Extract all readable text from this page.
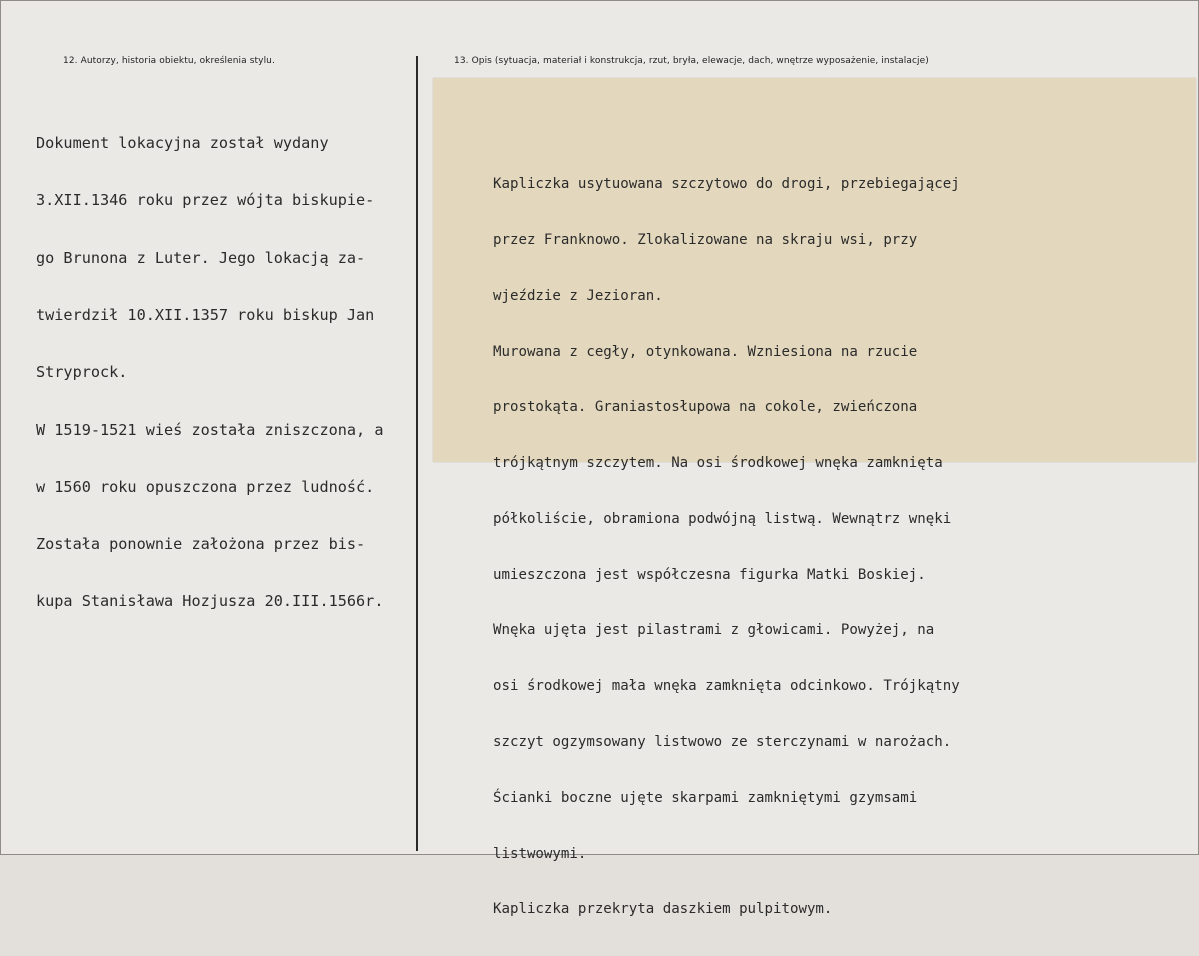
12. Autorzy, historia obiektu, określenia stylu.	13. Opis (sytuacja, materiał i konstrukcja, rzut, bryła, elewacje, dach, wnętrze wyposażenie, instalacje)

Dokument lokacyjna został wydany

3.XII.1346 roku przez wójta biskupie-

go Brunona z Luter. Jego lokacją za-

twierdził 10.XII.1357 roku biskup Jan

Stryprock.

W 1519-1521 wieś została zniszczona, a

w 1560 roku opuszczona przez ludność.

Została ponownie założona przez bis-

kupa Stanisława Hozjusza 20.III.1566r.

Kapliczka usytuowana szczytowo do drogi, przebiegającej

przez Franknowo. Zlokalizowane na skraju wsi, przy

wjeździe z Jezioran.

Murowana z cegły, otynkowana. Wzniesiona na rzucie

prostokąta. Graniastosłupowa na cokole, zwieńczona

trójkątnym szczytem. Na osi środkowej wnęka zamknięta

półkoliście, obramiona podwójną listwą. Wewnątrz wnęki

umieszczona jest współczesna figurka Matki Boskiej.

Wnęka ujęta jest pilastrami z głowicami. Powyżej, na

osi środkowej mała wnęka zamknięta odcinkowo. Trójkątny

szczyt ogzymsowany listwowo ze sterczynami w narożach.

Ścianki boczne ujęte skarpami zamkniętymi gzymsami

listwowymi.

Kapliczka przekryta daszkiem pulpitowym.
